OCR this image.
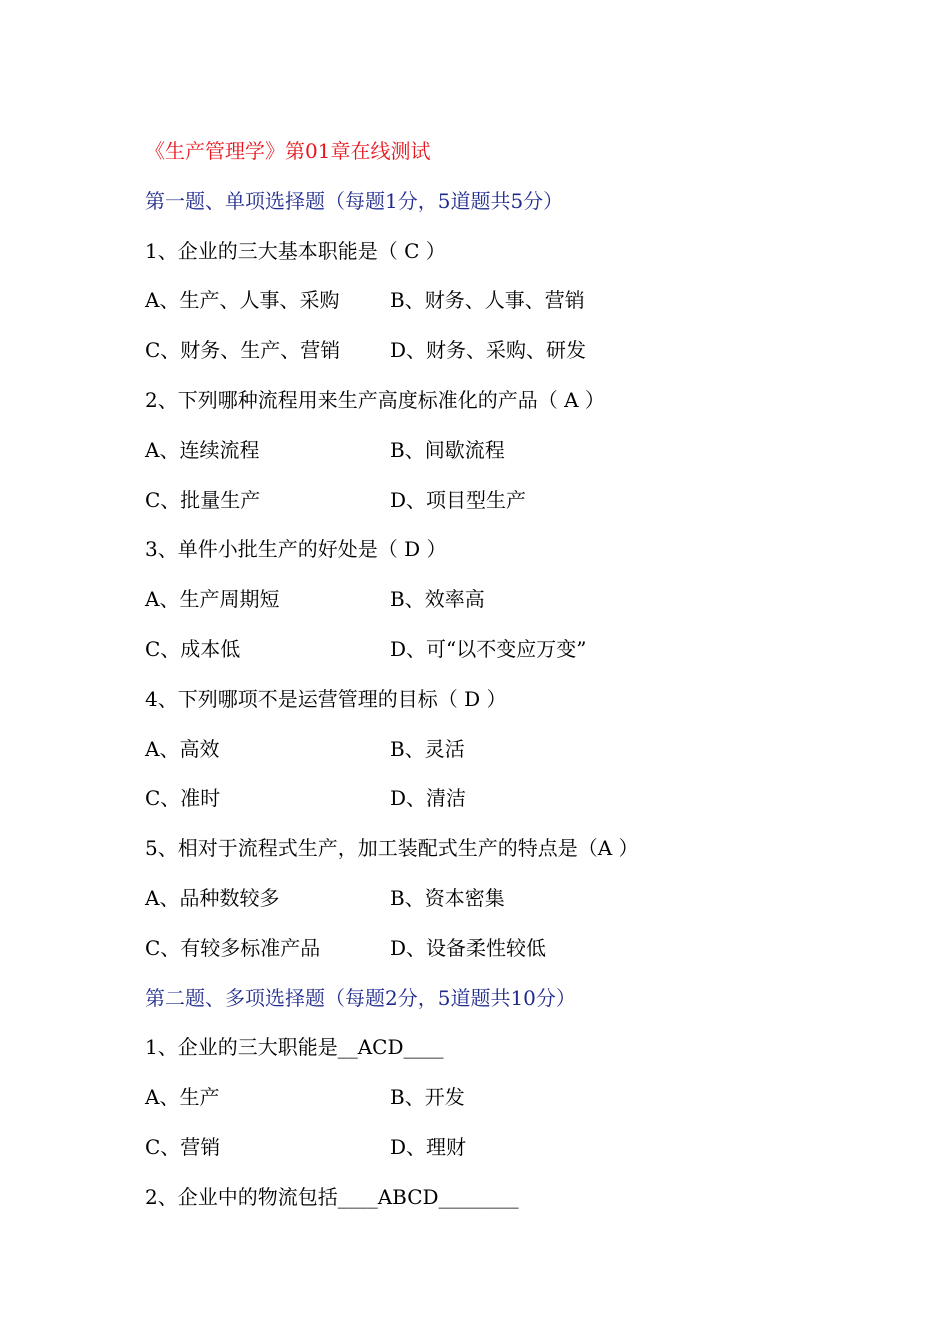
《生产管理学》第01章在线测试
第一题、单项选择题（每题1分，5道题共5分）
1、企业的三大基本职能是（ C ）
A、生产、人事、采购	B、财务、人事、营销
C、财务、生产、营销 D、财务、采购、研发
2、下列哪种流程用来生产高度标准化的产品（ A ）
A、连续流程	B、间歇流程
C、批量生产	D、项目型生产
3、单件小批生产的好处是（ D ）
A、生产周期短	B、效率高
C、成本低	D、可“以不变应万变”
4、下列哪项不是运营管理的目标（ D ）
A、高效	B、灵活
C、准时	D、清洁
5、相对于流程式生产，加工装配式生产的特点是（A ）
A、品种数较多	B、资本密集
C、有较多标准产品	D、设备柔性较低
第二题、多项选择题（每题2分，5道题共10分）
1、企业的三大职能是__ACD____
A、生产	B、开发
C、营销	D、理财
2、企业中的物流包括____ABCD________
